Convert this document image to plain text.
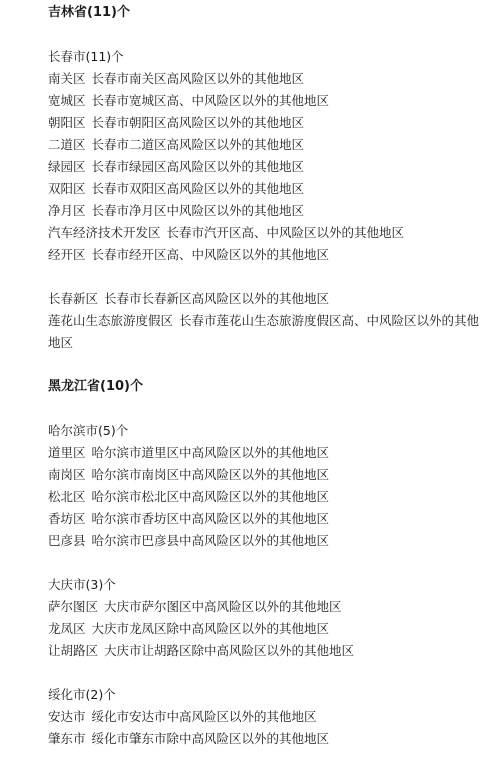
吉林省(11)个

长春市(11)个

南关区 长春市南关区高风险区以外的其他地区

宽城区 长春市宽城区高、中风险区以外的其他地区

朝阳区 长春市朝阳区高风险区以外的其他地区

二道区 长春市二道区高风险区以外的其他地区

绿园区 长春市绿园区高风险区以外的其他地区

双阳区 长春市双阳区高风险区以外的其他地区

净月区 长春市净月区中风险区以外的其他地区

汽车经济技术开发区 长春市汽开区高、中风险区以外的其他地区

经开区 长春市经开区高、中风险区以外的其他地区

长春新区 长春市长春新区高风险区以外的其他地区

莲花山生态旅游度假区 长春市莲花山生态旅游度假区高、中风险区以外的其他地区

黑龙江省(10)个

哈尔滨市(5)个

道里区 哈尔滨市道里区中高风险区以外的其他地区

南岗区 哈尔滨市南岗区中高风险区以外的其他地区

松北区 哈尔滨市松北区中高风险区以外的其他地区

香坊区 哈尔滨市香坊区中高风险区以外的其他地区

巴彦县 哈尔滨市巴彦县中高风险区以外的其他地区

大庆市(3)个

萨尔图区 大庆市萨尔图区中高风险区以外的其他地区

龙凤区 大庆市龙凤区除中高风险区以外的其他地区

让胡路区 大庆市让胡路区除中高风险区以外的其他地区

绥化市(2)个

安达市 绥化市安达市中高风险区以外的其他地区

肇东市 绥化市肇东市除中高风险区以外的其他地区
